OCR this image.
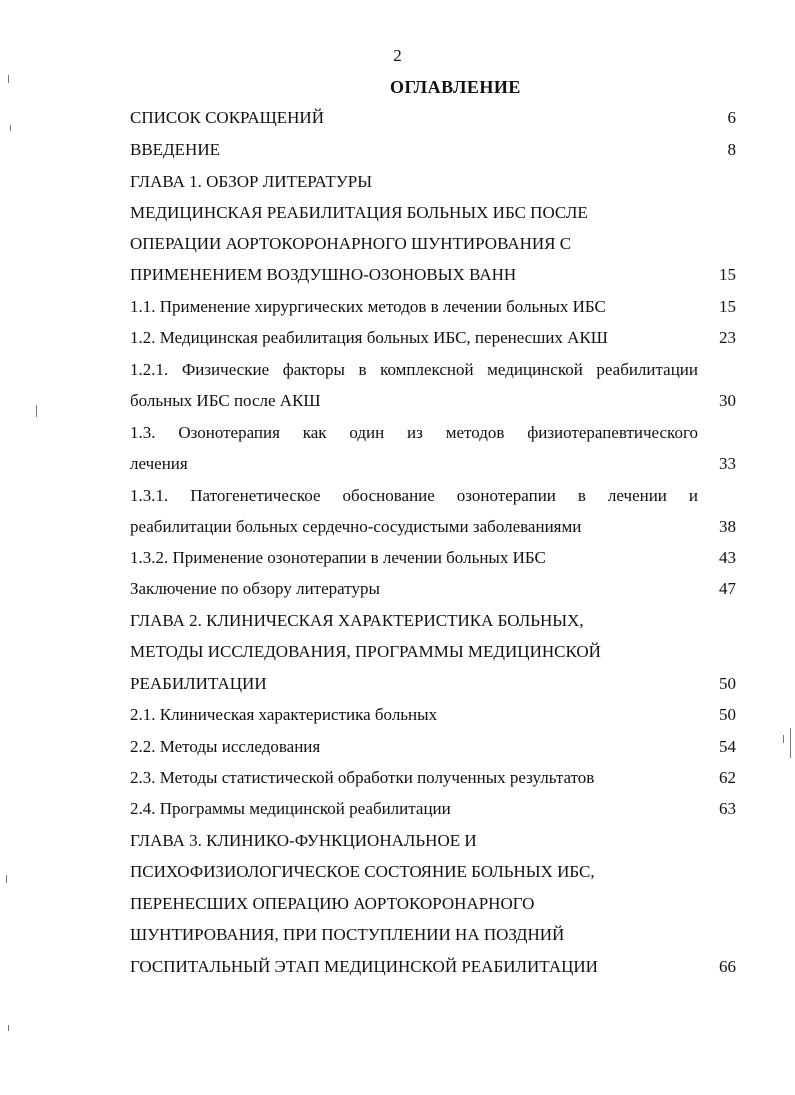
2
ОГЛАВЛЕНИЕ
СПИСОК СОКРАЩЕНИЙ	6
ВВЕДЕНИЕ	8
ГЛАВА 1. ОБЗОР ЛИТЕРАТУРЫ
МЕДИЦИНСКАЯ РЕАБИЛИТАЦИЯ БОЛЬНЫХ ИБС ПОСЛЕ
ОПЕРАЦИИ АОРТОКОРОНАРНОГО ШУНТИРОВАНИЯ С
ПРИМЕНЕНИЕМ ВОЗДУШНО-ОЗОНОВЫХ ВАНН	15
1.1. Применение хирургических методов в лечении больных ИБС	15
1.2. Медицинская реабилитация больных ИБС, перенесших АКШ	23
1.2.1. Физические факторы в комплексной медицинской реабилитации
больных ИБС после АКШ	30
1.3. Озонотерапия как один из методов физиотерапевтического
лечения	33
1.3.1. Патогенетическое обоснование озонотерапии в лечении и
реабилитации больных сердечно-сосудистыми заболеваниями	38
1.3.2. Применение озонотерапии в лечении больных ИБС	43
Заключение по обзору литературы	47
ГЛАВА 2. КЛИНИЧЕСКАЯ ХАРАКТЕРИСТИКА БОЛЬНЫХ,
МЕТОДЫ ИССЛЕДОВАНИЯ, ПРОГРАММЫ МЕДИЦИНСКОЙ
РЕАБИЛИТАЦИИ	50
2.1. Клиническая характеристика больных	50
2.2. Методы исследования	54
2.3. Методы статистической обработки полученных результатов	62
2.4. Программы медицинской реабилитации	63
ГЛАВА 3. КЛИНИКО-ФУНКЦИОНАЛЬНОЕ И
ПСИХОФИЗИОЛОГИЧЕСКОЕ СОСТОЯНИЕ БОЛЬНЫХ ИБС,
ПЕРЕНЕСШИХ ОПЕРАЦИЮ АОРТОКОРОНАРНОГО
ШУНТИРОВАНИЯ, ПРИ ПОСТУПЛЕНИИ НА ПОЗДНИЙ
ГОСПИТАЛЬНЫЙ ЭТАП МЕДИЦИНСКОЙ РЕАБИЛИТАЦИИ	66
